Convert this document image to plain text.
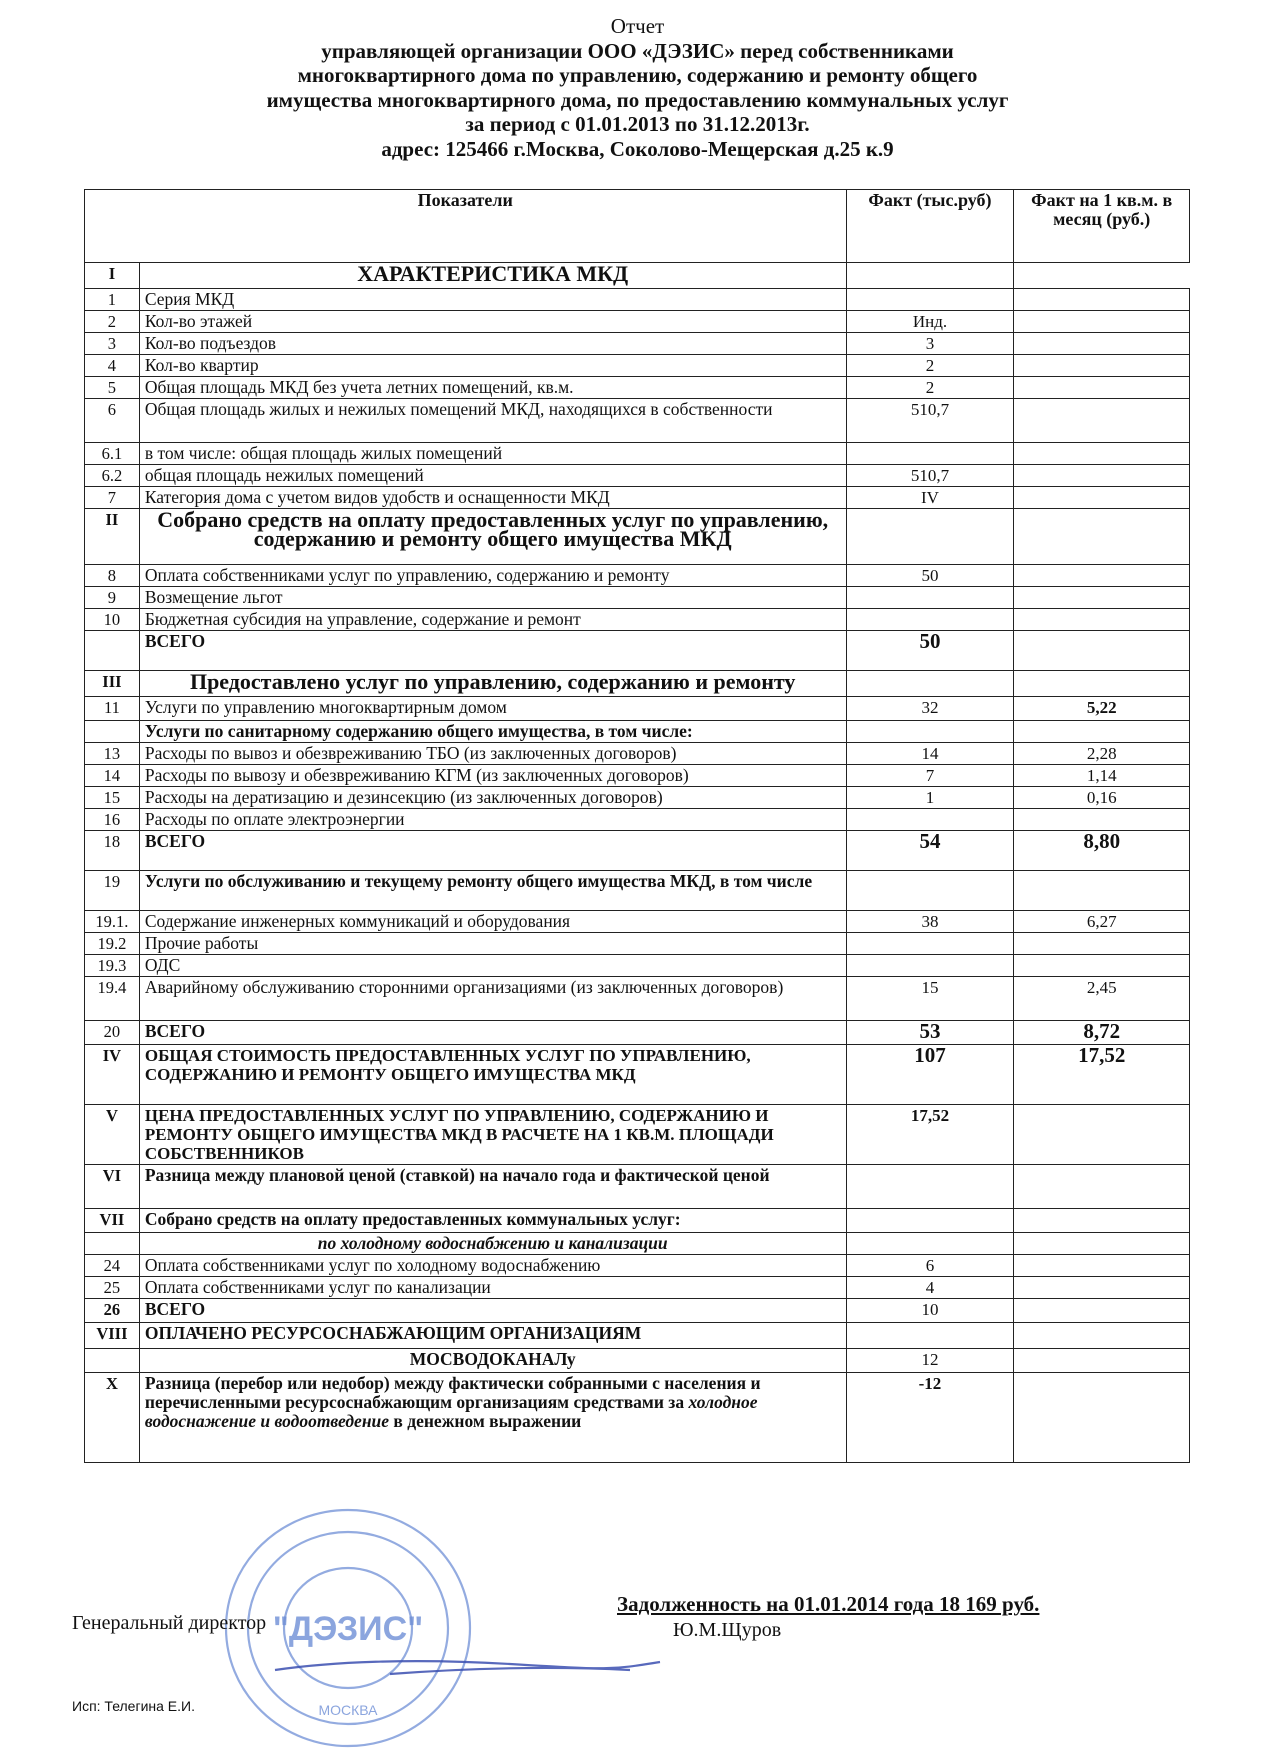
Отчет
управляющей организации ООО «ДЭЗИС» перед собственниками
многоквартирного дома по управлению, содержанию и ремонту общего
имущества многоквартирного дома, по предоставлению коммунальных услуг
за период с 01.01.2013 по 31.12.2013г.
адрес: 125466 г.Москва, Соколово-Мещерская д.25 к.9
Показатели		Факт (тыс.руб)	Факт на 1 кв.м. в месяц (руб.)
I	ХАРАКТЕРИСТИКА МКД		
1	Серия МКД		
2	Кол-во этажей	Инд.	
3	Кол-во подъездов	3	
4	Кол-во квартир	2	
5	Общая площадь МКД без учета летних помещений, кв.м.	2	
6	Общая площадь жилых и нежилых помещений МКД, находящихся в собственности	510,7	
6.1	в том числе: общая площадь жилых помещений		
6.2	общая площадь нежилых помещений	510,7	
7	Категория дома с учетом видов удобств и оснащенности МКД	IV	
II	Собрано средств на оплату предоставленных услуг по управлению, содержанию и ремонту общего имущества МКД		
8	Оплата собственниками услуг по управлению, содержанию и ремонту	50	
9	Возмещение льгот		
10	Бюджетная субсидия на управление, содержание и ремонт		
	ВСЕГО	50	
III	Предоставлено услуг по управлению, содержанию и ремонту		
11	Услуги по управлению многоквартирным домом	32	5,22
	Услуги по санитарному содержанию общего имущества, в том числе:		
13	Расходы по вывоз и обезвреживанию ТБО (из заключенных договоров)	14	2,28
14	Расходы по вывозу и обезвреживанию КГМ (из заключенных договоров)	7	1,14
15	Расходы на дератизацию и дезинсекцию (из заключенных договоров)	1	0,16
16	Расходы по оплате электроэнергии		
18	ВСЕГО	54	8,80
19	Услуги по обслуживанию и текущему ремонту общего имущества МКД, в том числе		
19.1.	Содержание инженерных коммуникаций и оборудования	38	6,27
19.2	Прочие работы		
19.3	ОДС		
19.4	Аварийному обслуживанию сторонними организациями (из заключенных договоров)	15	2,45
20	ВСЕГО	53	8,72
IV	ОБЩАЯ СТОИМОСТЬ ПРЕДОСТАВЛЕННЫХ УСЛУГ ПО УПРАВЛЕНИЮ, СОДЕРЖАНИЮ И РЕМОНТУ ОБЩЕГО ИМУЩЕСТВА МКД	107	17,52
V	ЦЕНА ПРЕДОСТАВЛЕННЫХ УСЛУГ ПО УПРАВЛЕНИЮ, СОДЕРЖАНИЮ И РЕМОНТУ ОБЩЕГО ИМУЩЕСТВА МКД В РАСЧЕТЕ НА 1 КВ.М. ПЛОЩАДИ СОБСТВЕННИКОВ	17,52	
VI	Разница между плановой ценой (ставкой) на начало года и фактической ценой		
VII	Собрано средств на оплату предоставленных коммунальных услуг:		
	по холодному водоснабжению и канализации		
24	Оплата собственниками услуг по холодному водоснабжению	6	
25	Оплата собственниками услуг по канализации	4	
26	ВСЕГО	10	
VIII	ОПЛАЧЕНО РЕСУРСОСНАБЖАЮЩИМ ОРГАНИЗАЦИЯМ		
	МОСВОДОКАНАЛу	12	
X	Разница (перебор или недобор) между фактически собранными с населения и перечисленными ресурсоснабжающим организациям средствами за холодное водоснажение и водоотведение в денежном выражении	-12	
"ДЭЗИС"
МОСКВА
Задолженность на 01.01.2014 года 18 169 руб.
Генеральный директор	Ю.М.Щуров
Исп: Телегина Е.И.
